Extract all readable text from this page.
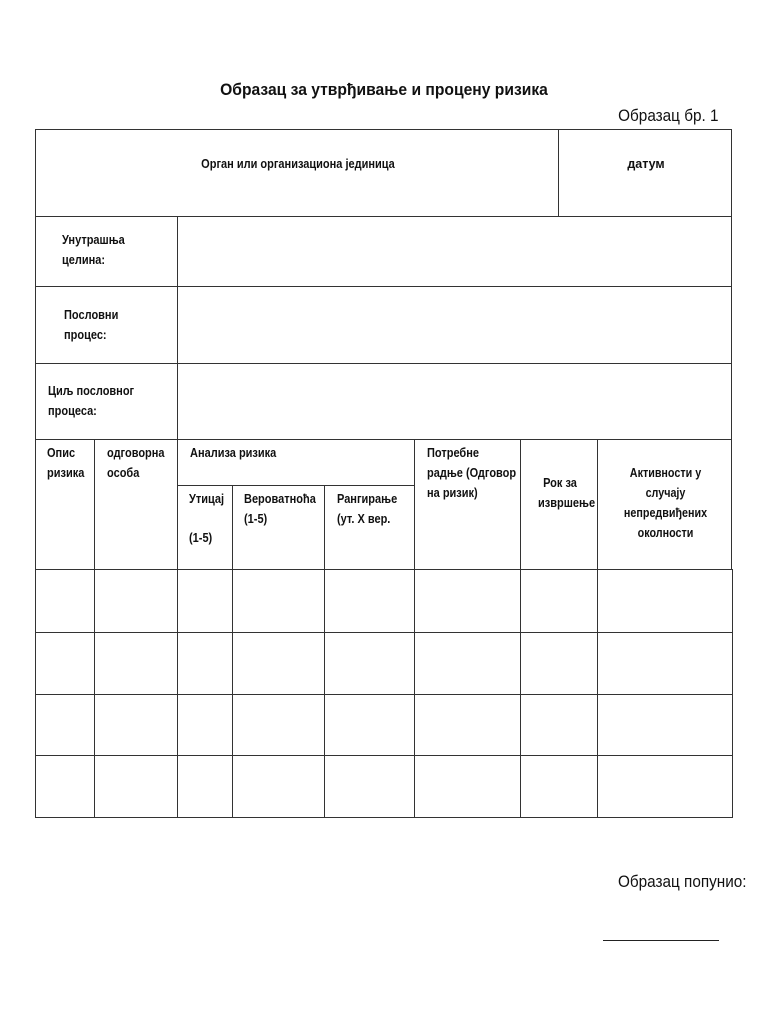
Образац за утврђивање и процену ризика
Образац бр. 1
Орган или организациона јединица	датум
Унутрашња целина:
Пословни процес:
Циљ пословног процеса:
Опис ризика
одговорна особа
Анализа ризика
Утицај
(1-5)
Вероватноћа (1-5)
Рангирање (ут. X вер.
Потребне радње (Одговор на ризик)
Рок за извршење
Активности у случају непредвиђених околности
Образац попунио:
